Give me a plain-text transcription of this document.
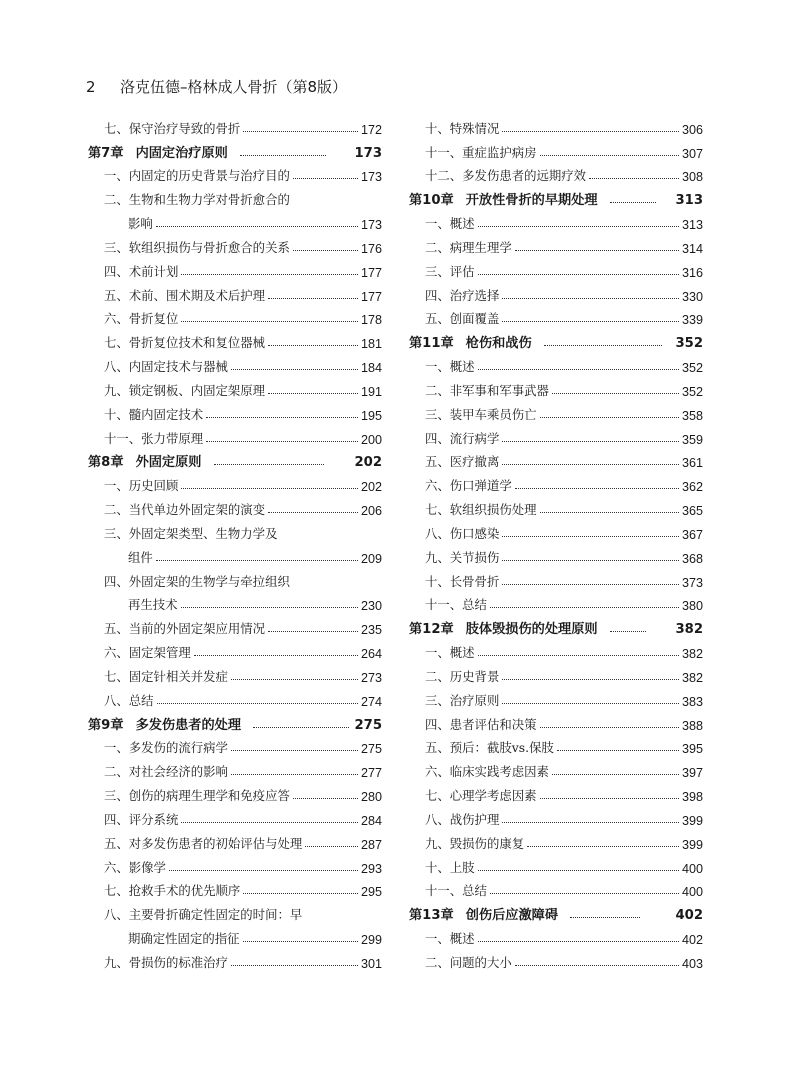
2 洛克伍德–格林成人骨折（第8版）
七、保守治疗导致的骨折	172
第7章 内固定治疗原则	173
一、内固定的历史背景与治疗目的	173
二、生物和生物力学对骨折愈合的
影响	173
三、软组织损伤与骨折愈合的关系	176
四、术前计划	177
五、术前、围术期及术后护理	177
六、骨折复位	178
七、骨折复位技术和复位器械	181
八、内固定技术与器械	184
九、锁定钢板、内固定架原理	191
十、髓内固定技术	195
十一、张力带原理	200
第8章 外固定原则	202
一、历史回顾	202
二、当代单边外固定架的演变	206
三、外固定架类型、生物力学及
组件	209
四、外固定架的生物学与牵拉组织
再生技术	230
五、当前的外固定架应用情况	235
六、固定架管理	264
七、固定针相关并发症	273
八、总结	274
第9章 多发伤患者的处理	275
一、多发伤的流行病学	275
二、对社会经济的影响	277
三、创伤的病理生理学和免疫应答	280
四、评分系统	284
五、对多发伤患者的初始评估与处理	287
六、影像学	293
七、抢救手术的优先顺序	295
八、主要骨折确定性固定的时间：早
期确定性固定的指征	299
九、骨损伤的标准治疗	301
十、特殊情况	306
十一、重症监护病房	307
十二、多发伤患者的远期疗效	308
第10章 开放性骨折的早期处理	313
一、概述	313
二、病理生理学	314
三、评估	316
四、治疗选择	330
五、创面覆盖	339
第11章 枪伤和战伤	352
一、概述	352
二、非军事和军事武器	352
三、装甲车乘员伤亡	358
四、流行病学	359
五、医疗撤离	361
六、伤口弹道学	362
七、软组织损伤处理	365
八、伤口感染	367
九、关节损伤	368
十、长骨骨折	373
十一、总结	380
第12章 肢体毁损伤的处理原则	382
一、概述	382
二、历史背景	382
三、治疗原则	383
四、患者评估和决策	388
五、预后：截肢vs.保肢	395
六、临床实践考虑因素	397
七、心理学考虑因素	398
八、战伤护理	399
九、毁损伤的康复	399
十、上肢	400
十一、总结	400
第13章 创伤后应激障碍	402
一、概述	402
二、问题的大小	403
